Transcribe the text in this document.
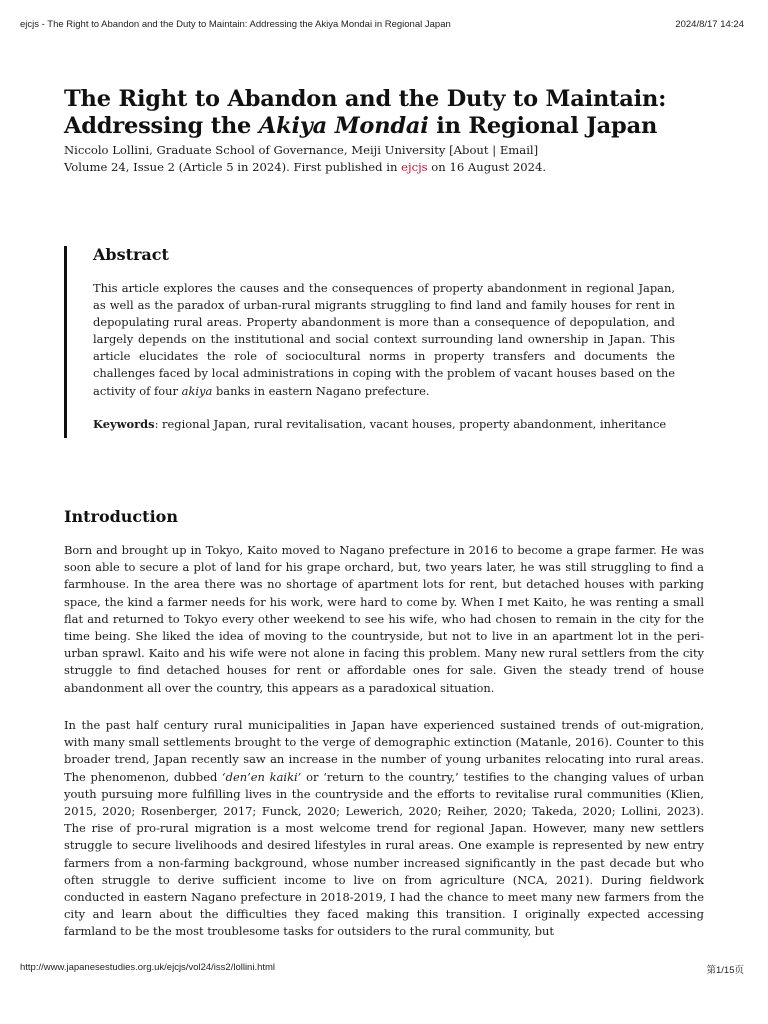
ejcjs - The Right to Abandon and the Duty to Maintain: Addressing the Akiya Mondai in Regional Japan	2024/8/17 14:24
The Right to Abandon and the Duty to Maintain:
Addressing the Akiya Mondai in Regional Japan
Niccolo Lollini, Graduate School of Governance, Meiji University [About | Email]
Volume 24, Issue 2 (Article 5 in 2024). First published in ejcjs on 16 August 2024.
Abstract

This article explores the causes and the consequences of property abandonment in regional Japan, as well as the paradox of urban-rural migrants struggling to find land and family houses for rent in depopulating rural areas. Property abandonment is more than a consequence of depopulation, and largely depends on the institutional and social context surrounding land ownership in Japan. This article elucidates the role of sociocultural norms in property transfers and documents the challenges faced by local administrations in coping with the problem of vacant houses based on the activity of four akiya banks in eastern Nagano prefecture.

Keywords: regional Japan, rural revitalisation, vacant houses, property abandonment, inheritance

Introduction

Born and brought up in Tokyo, Kaito moved to Nagano prefecture in 2016 to become a grape farmer. He was soon able to secure a plot of land for his grape orchard, but, two years later, he was still struggling to find a farmhouse. In the area there was no shortage of apartment lots for rent, but detached houses with parking space, the kind a farmer needs for his work, were hard to come by. When I met Kaito, he was renting a small flat and returned to Tokyo every other weekend to see his wife, who had chosen to remain in the city for the time being. She liked the idea of moving to the countryside, but not to live in an apartment lot in the peri-urban sprawl. Kaito and his wife were not alone in facing this problem. Many new rural settlers from the city struggle to find detached houses for rent or affordable ones for sale. Given the steady trend of house abandonment all over the country, this appears as a paradoxical situation.

In the past half century rural municipalities in Japan have experienced sustained trends of out-migration, with many small settlements brought to the verge of demographic extinction (Matanle, 2016). Counter to this broader trend, Japan recently saw an increase in the number of young urbanites relocating into rural areas. The phenomenon, dubbed ‘den’en kaiki’ or ‘return to the country,’ testifies to the changing values of urban youth pursuing more fulfilling lives in the countryside and the efforts to revitalise rural communities (Klien, 2015, 2020; Rosenberger, 2017; Funck, 2020; Lewerich, 2020; Reiher, 2020; Takeda, 2020; Lollini, 2023). The rise of pro-rural migration is a most welcome trend for regional Japan. However, many new settlers struggle to secure livelihoods and desired lifestyles in rural areas. One example is represented by new entry farmers from a non-farming background, whose number increased significantly in the past decade but who often struggle to derive sufficient income to live on from agriculture (NCA, 2021). During fieldwork conducted in eastern Nagano prefecture in 2018-2019, I had the chance to meet many new farmers from the city and learn about the difficulties they faced making this transition. I originally expected accessing farmland to be the most troublesome tasks for outsiders to the rural community, but

http://www.japanesestudies.org.uk/ejcjs/vol24/iss2/lollini.html	第1/15页
